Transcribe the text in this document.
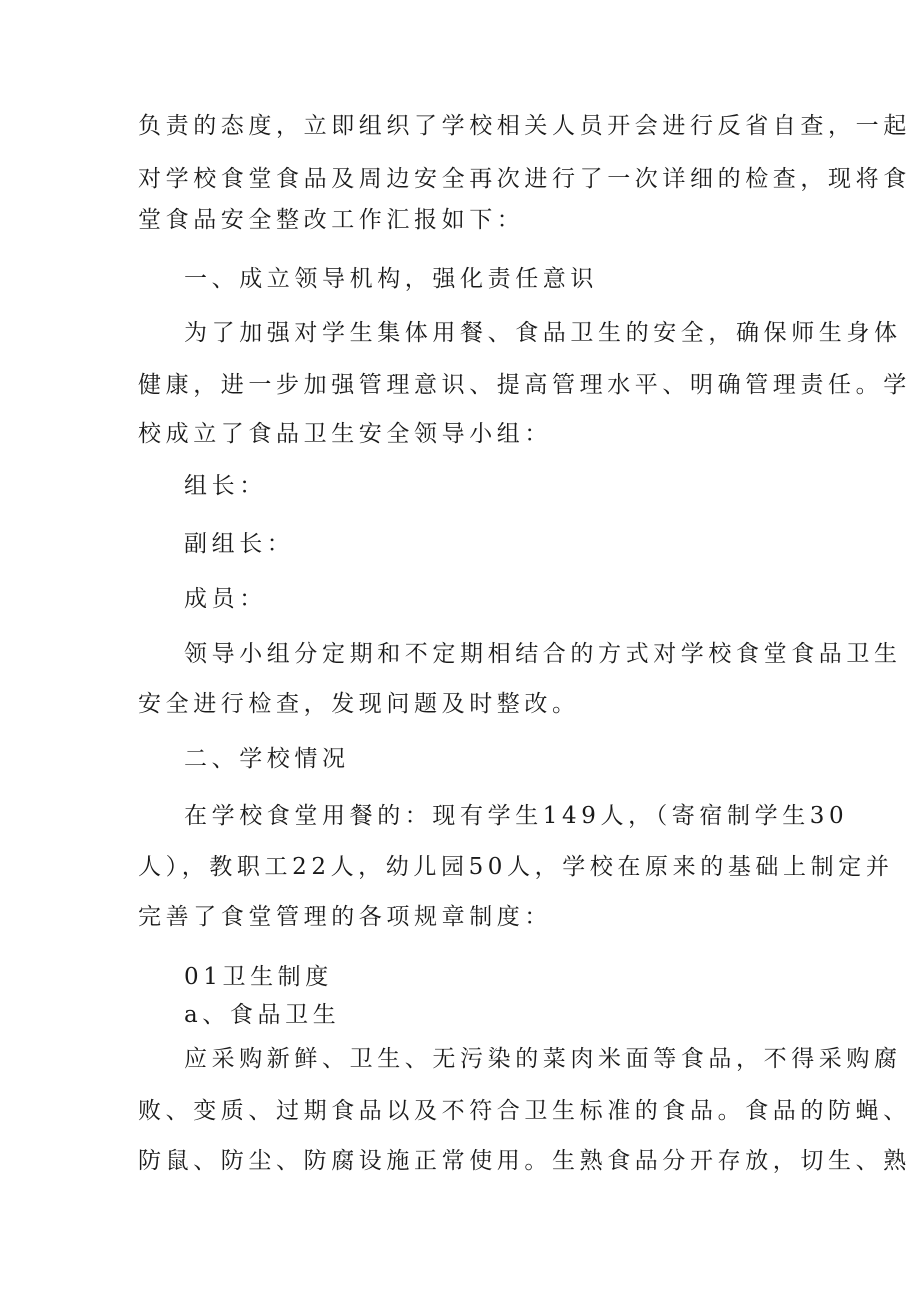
负责的态度，立即组织了学校相关人员开会进行反省自查，一起
对学校食堂食品及周边安全再次进行了一次详细的检查，现将食
堂食品安全整改工作汇报如下：
一、成立领导机构，强化责任意识
为了加强对学生集体用餐、食品卫生的安全，确保师生身体
健康，进一步加强管理意识、提高管理水平、明确管理责任。学
校成立了食品卫生安全领导小组：
组长：
副组长：
成员：
领导小组分定期和不定期相结合的方式对学校食堂食品卫生
安全进行检查，发现问题及时整改。
二、学校情况
在学校食堂用餐的：现有学生149人，（寄宿制学生30
人），教职工22人，幼儿园50人，学校在原来的基础上制定并
完善了食堂管理的各项规章制度：
01卫生制度
a、食品卫生
应采购新鲜、卫生、无污染的菜肉米面等食品，不得采购腐
败、变质、过期食品以及不符合卫生标准的食品。食品的防蝇、
防鼠、防尘、防腐设施正常使用。生熟食品分开存放，切生、熟
